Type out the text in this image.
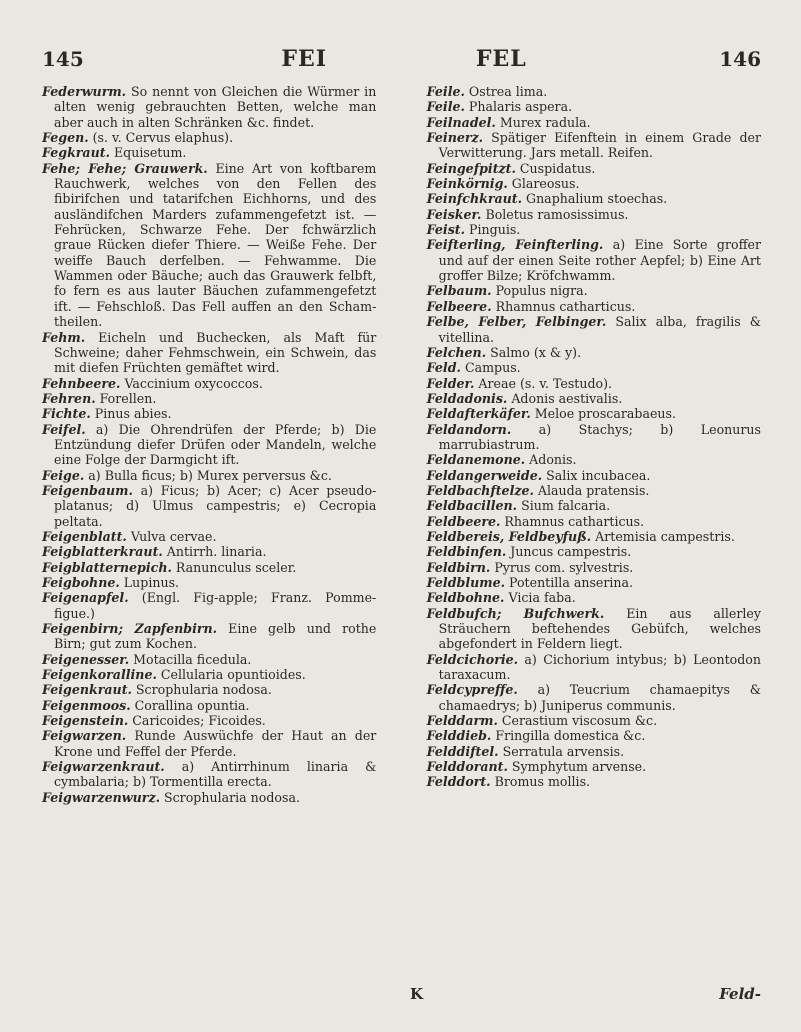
145	FEI	FEL	146

Federwurm. So nennt von Gleichen die Würmer in alten wenig gebrauchten Betten, welche man aber auch in alten Schränken &c. findet.

Fegen. (s. v. Cervus elaphus).

Fegkraut. Equisetum.

Fehe; Fehe; Grauwerk. Eine Art von koftbarem Rauchwerk, welches von den Fellen des fibirifchen und tatarifchen Eichhorns, und des ausländifchen Marders zufammengefetzt ist. — Fehrücken, Schwarze Fehe. Der fchwärzlich graue Rücken diefer Thiere. — Weiße Fehe. Der weiffe Bauch derfelben. — Fehwamme. Die Wammen oder Bäuche; auch das Grauwerk felbft, fo fern es aus lauter Bäuchen zufammengefetzt ift. — Fehschloß. Das Fell auffen an den Scham-theilen.

Fehm. Eicheln und Buchecken, als Maft für Schweine; daher Fehmschwein, ein Schwein, das mit diefen Früchten gemäftet wird.

Fehnbeere. Vaccinium oxycoccos.

Fehren. Forellen.

Fichte. Pinus abies.

Feifel. a) Die Ohrendrüfen der Pferde; b) Die Entzündung diefer Drüfen oder Mandeln, welche eine Folge der Darmgicht ift.

Feige. a) Bulla ficus; b) Murex perversus &c.

Feigenbaum. a) Ficus; b) Acer; c) Acer pseudo-platanus; d) Ulmus campestris; e) Cecropia peltata.

Feigenblatt. Vulva cervae.

Feigblatterkraut. Antirrh. linaria.

Feigblatternepich. Ranunculus sceler.

Feigbohne. Lupinus.

Feigenapfel. (Engl. Fig-apple; Franz. Pomme-figue.)

Feigenbirn; Zapfenbirn. Eine gelb und rothe Birn; gut zum Kochen.

Feigenesser. Motacilla ficedula.

Feigenkoralline. Cellularia opuntioides.

Feigenkraut. Scrophularia nodosa.

Feigenmoos. Corallina opuntia.

Feigenstein. Caricoides; Ficoides.

Feigwarzen. Runde Auswüchfe der Haut an der Krone und Feffel der Pferde.

Feigwarzenkraut. a) Antirrhinum linaria & cymbalaria; b) Tormentilla erecta.

Feigwarzenwurz. Scrophularia nodosa.

Feile. Ostrea lima.

Feile. Phalaris aspera.

Feilnadel. Murex radula.

Feinerz. Spätiger Eifenftein in einem Grade der Verwitterung. Jars metall. Reifen.

Feingefpitzt. Cuspidatus.

Feinkörnig. Glareosus.

Feinfchkraut. Gnaphalium stoechas.

Feisker. Boletus ramosissimus.

Feist. Pinguis.

Feifterling, Feinfterling. a) Eine Sorte groffer und auf der einen Seite rother Aepfel; b) Eine Art groffer Bilze; Kröfchwamm.

Felbaum. Populus nigra.

Felbeere. Rhamnus catharticus.

Felbe, Felber, Felbinger. Salix alba, fragilis & vitellina.

Felchen. Salmo (x & y).

Feld. Campus.

Felder. Areae (s. v. Testudo).

Feldadonis. Adonis aestivalis.

Feldafterkäfer. Meloe proscarabaeus.

Feldandorn. a) Stachys; b) Leonurus marrubiastrum.

Feldanemone. Adonis.

Feldangerweide. Salix incubacea.

Feldbachftelze. Alauda pratensis.

Feldbacillen. Sium falcaria.

Feldbeere. Rhamnus catharticus.

Feldbereis, Feldbeyfuß. Artemisia campestris.

Feldbinfen. Juncus campestris.

Feldbirn. Pyrus com. sylvestris.

Feldblume. Potentilla anserina.

Feldbohne. Vicia faba.

Feldbufch; Bufchwerk. Ein aus allerley Sträuchern beftehendes Gebüfch, welches abgefondert in Feldern liegt.

Feldcichorie. a) Cichorium intybus; b) Leontodon taraxacum.

Feldcypreffe. a) Teucrium chamaepitys & chamaedrys; b) Juniperus communis.

Felddarm. Cerastium viscosum &c.

Felddieb. Fringilla domestica &c.

Felddiftel. Serratula arvensis.

Felddorant. Symphytum arvense.

Felddort. Bromus mollis.

K	Feld-
